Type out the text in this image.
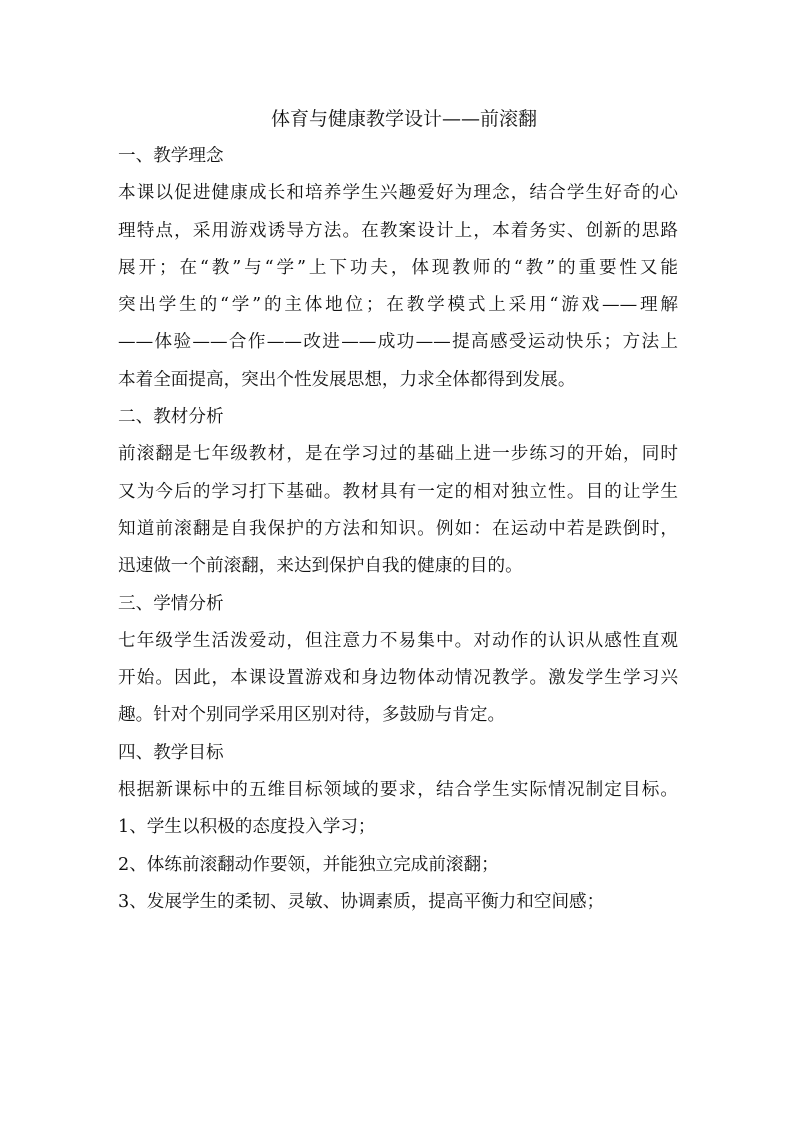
体育与健康教学设计——前滚翻

一、教学理念

本课以促进健康成长和培养学生兴趣爱好为理念，结合学生好奇的心

理特点，采用游戏诱导方法。在教案设计上，本着务实、创新的思路

展开；在“教”与“学”上下功夫，体现教师的“教”的重要性又能

突出学生的“学”的主体地位；在教学模式上采用“游戏——理解

——体验——合作——改进——成功——提高感受运动快乐；方法上

本着全面提高，突出个性发展思想，力求全体都得到发展。

二、教材分析

前滚翻是七年级教材，是在学习过的基础上进一步练习的开始，同时

又为今后的学习打下基础。教材具有一定的相对独立性。目的让学生

知道前滚翻是自我保护的方法和知识。例如：在运动中若是跌倒时，

迅速做一个前滚翻，来达到保护自我的健康的目的。

三、学情分析

七年级学生活泼爱动，但注意力不易集中。对动作的认识从感性直观

开始。因此，本课设置游戏和身边物体动情况教学。激发学生学习兴

趣。针对个别同学采用区别对待，多鼓励与肯定。

四、教学目标

根据新课标中的五维目标领域的要求，结合学生实际情况制定目标。

1、学生以积极的态度投入学习；

2、体练前滚翻动作要领，并能独立完成前滚翻；

3、发展学生的柔韧、灵敏、协调素质，提高平衡力和空间感；
